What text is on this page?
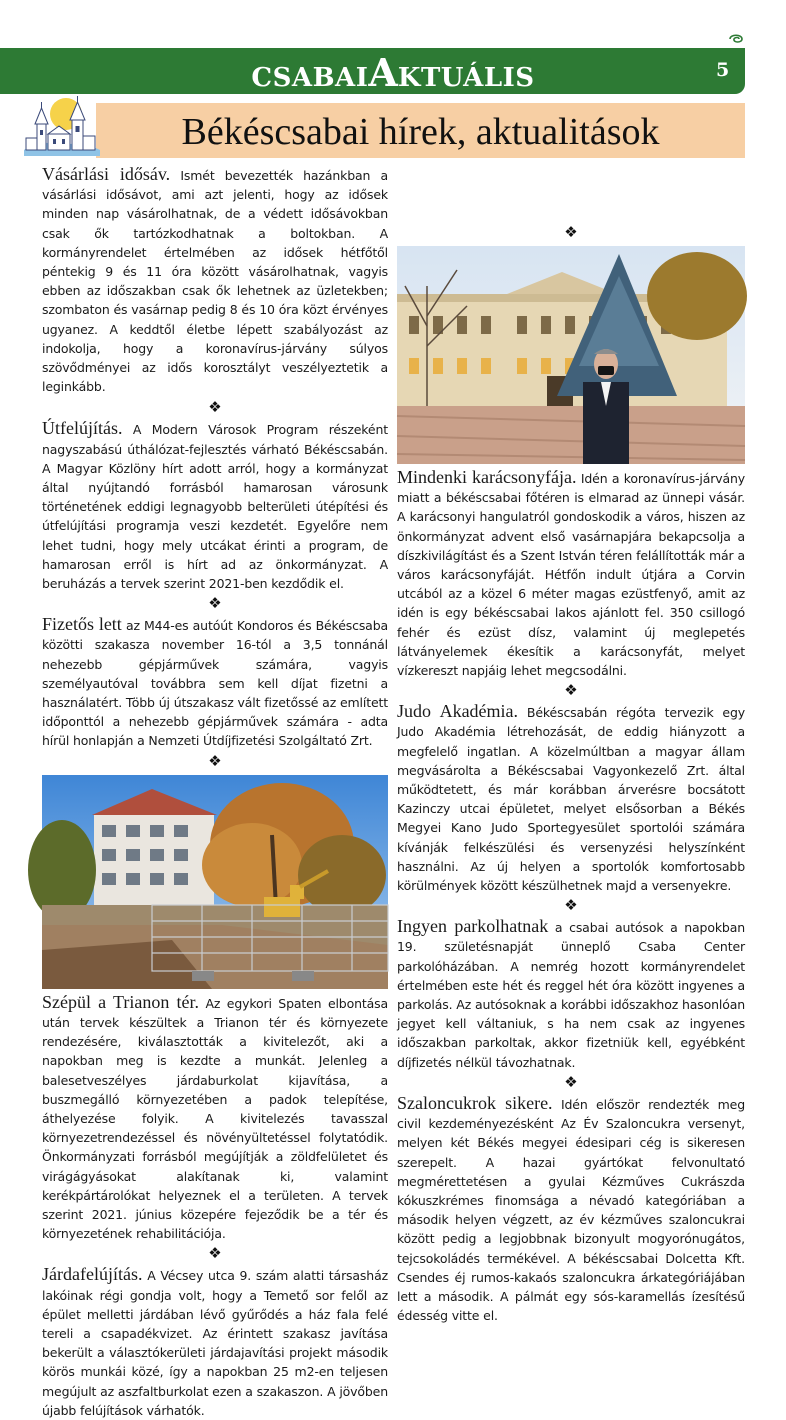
CSABAIAKTUÁLIS	5
Békéscsabai hírek, aktualitások

Vásárlási idősáv. Ismét bevezették hazánkban a vásárlási idősávot, ami azt jelenti, hogy az idősek minden nap vásárolhatnak, de a védett idősávokban csak ők tartózkodhatnak a boltokban. A kormányrendelet értelmében az idősek hétfőtől péntekig 9 és 11 óra között vásárolhatnak, vagyis ebben az időszakban csak ők lehetnek az üzletekben; szombaton és vasárnap pedig 8 és 10 óra közt érvényes ugyanez. A keddtől életbe lépett szabályozást az indokolja, hogy a koronavírus-járvány súlyos szövődményei az idős korosztályt veszélyeztetik a leginkább.

❖

Útfelújítás. A Modern Városok Program részeként nagyszabású úthálózat-fejlesztés várható Békéscsabán. A Magyar Közlöny hírt adott arról, hogy a kormányzat által nyújtandó forrásból hamarosan városunk történetének eddigi legnagyobb belterületi útépítési és útfelújítási programja veszi kezdetét. Egyelőre nem lehet tudni, hogy mely utcákat érinti a program, de hamarosan erről is hírt ad az önkormányzat. A beruházás a tervek szerint 2021-ben kezdődik el.

❖

Fizetős lett az M44-es autóút Kondoros és Békéscsaba közötti szakasza november 16-tól a 3,5 tonnánál nehezebb gépjárművek számára, vagyis személyautóval továbbra sem kell díjat fizetni a használatért. Több új útszakasz vált fizetőssé az említett időponttól a nehezebb gépjárművek számára - adta hírül honlapján a Nemzeti Útdíjfizetési Szolgáltató Zrt.

❖

Szépül a Trianon tér. Az egykori Spaten elbontása után tervek készültek a Trianon tér és környezete rendezésére, kiválasztották a kivitelezőt, aki a napokban meg is kezdte a munkát. Jelenleg a balesetveszélyes járdaburkolat kijavítása, a buszmegálló környezetében a padok telepítése, áthelyezése folyik. A kivitelezés tavasszal környezetrendezéssel és növényültetéssel folytatódik. Önkormányzati forrásból megújítják a zöldfelületet és virágágyásokat alakítanak ki, valamint kerékpártárolókat helyeznek el a területen. A tervek szerint 2021. június közepére fejeződik be a tér és környezetének rehabilitációja.

❖

Járdafelújítás. A Vécsey utca 9. szám alatti társasház lakóinak régi gondja volt, hogy a Temető sor felől az épület melletti járdában lévő gyűrődés a ház fala felé tereli a csapadékvizet. Az érintett szakasz javítása bekerült a választókerületi járdajavítási projekt második körös munkái közé, így a napokban 25 m2-en teljesen megújult az aszfaltburkolat ezen a szakaszon. A jövőben újabb felújítások várhatók.

❖

Mindenki karácsonyfája. Idén a koronavírus-járvány miatt a békéscsabai főtéren is elmarad az ünnepi vásár. A karácsonyi hangulatról gondoskodik a város, hiszen az önkormányzat advent első vasárnapjára bekapcsolja a díszkivilágítást és a Szent István téren felállították már a város karácsonyfáját. Hétfőn indult útjára a Corvin utcából az a közel 6 méter magas ezüstfenyő, amit az idén is egy békéscsabai lakos ajánlott fel. 350 csillogó fehér és ezüst dísz, valamint új meglepetés látványelemek ékesítik a karácsonyfát, melyet vízkereszt napjáig lehet megcsodálni.

❖

Judo Akadémia. Békéscsabán régóta tervezik egy Judo Akadémia létrehozását, de eddig hiányzott a megfelelő ingatlan. A közelmúltban a magyar állam megvásárolta a Békéscsabai Vagyonkezelő Zrt. által működtetett, és már korábban árverésre bocsátott Kazinczy utcai épületet, melyet elsősorban a Békés Megyei Kano Judo Sportegyesület sportolói számára kívánják felkészülési és versenyzési helyszínként használni. Az új helyen a sportolók komfortosabb körülmények között készülhetnek majd a versenyekre.

❖

Ingyen parkolhatnak a csabai autósok a napokban 19. születésnapját ünneplő Csaba Center parkolóházában. A nemrég hozott kormányrendelet értelmében este hét és reggel hét óra között ingyenes a parkolás. Az autósoknak a korábbi időszakhoz hasonlóan jegyet kell váltaniuk, s ha nem csak az ingyenes időszakban parkoltak, akkor fizetniük kell, egyébként díjfizetés nélkül távozhatnak.

❖

Szaloncukrok sikere. Idén először rendezték meg civil kezdeményezésként Az Év Szaloncukra versenyt, melyen két Békés megyei édesipari cég is sikeresen szerepelt. A hazai gyártókat felvonultató megmérettetésen a gyulai Kézműves Cukrászda kókuszkrémes finomsága a névadó kategóriában a második helyen végzett, az év kézműves szaloncukrai között pedig a legjobbnak bizonyult mogyorónugátos, tejcsokoládés termékével. A békéscsabai Dolcetta Kft. Csendes éj rumos-kakaós szaloncukra árkategóriájában lett a második. A pálmát egy sós-karamellás ízesítésű édesség vitte el.
